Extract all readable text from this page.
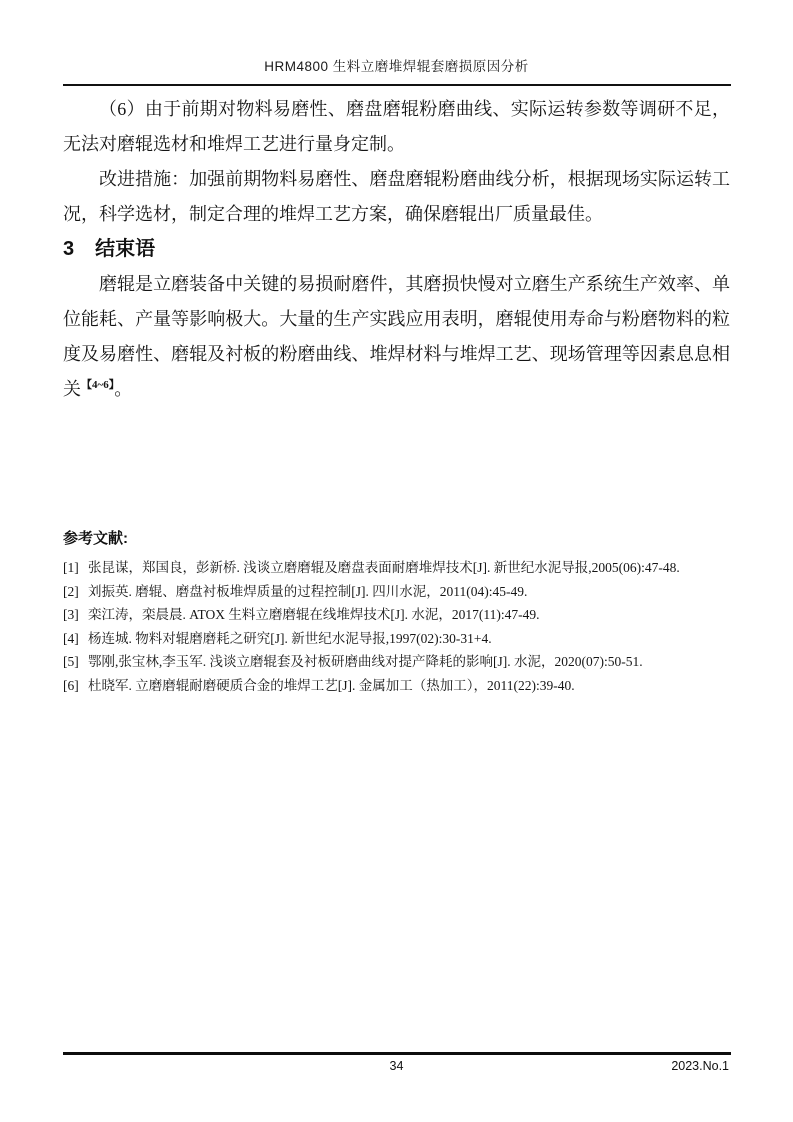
HRM4800 生料立磨堆焊辊套磨损原因分析

（6）由于前期对物料易磨性、磨盘磨辊粉磨曲线、实际运转参数等调研不足，无法对磨辊选材和堆焊工艺进行量身定制。

改进措施：加强前期物料易磨性、磨盘磨辊粉磨曲线分析，根据现场实际运转工况，科学选材，制定合理的堆焊工艺方案，确保磨辊出厂质量最佳。

3 结束语

磨辊是立磨装备中关键的易损耐磨件，其磨损快慢对立磨生产系统生产效率、单位能耗、产量等影响极大。大量的生产实践应用表明，磨辊使用寿命与粉磨物料的粒度及易磨性、磨辊及衬板的粉磨曲线、堆焊材料与堆焊工艺、现场管理等因素息息相关$^{【4\sim 6】}$。

参考文献:
[1] 张昆谋，郑国良，彭新桥. 浅谈立磨磨辊及磨盘表面耐磨堆焊技术[J]. 新世纪水泥导报,2005(06):47-48.
[2] 刘振英. 磨辊、磨盘衬板堆焊质量的过程控制[J]. 四川水泥，2011(04):45-49.
[3] 栾江涛，栾晨晨. ATOX 生料立磨磨辊在线堆焊技术[J]. 水泥，2017(11):47-49.
[4] 杨连城. 物料对辊磨磨耗之研究[J]. 新世纪水泥导报,1997(02):30-31+4.
[5] 鄂刚,张宝林,李玉军. 浅谈立磨辊套及衬板研磨曲线对提产降耗的影响[J]. 水泥，2020(07):50-51.
[6] 杜晓军. 立磨磨辊耐磨硬质合金的堆焊工艺[J]. 金属加工（热加工），2011(22):39-40.
34	2023.No.1
